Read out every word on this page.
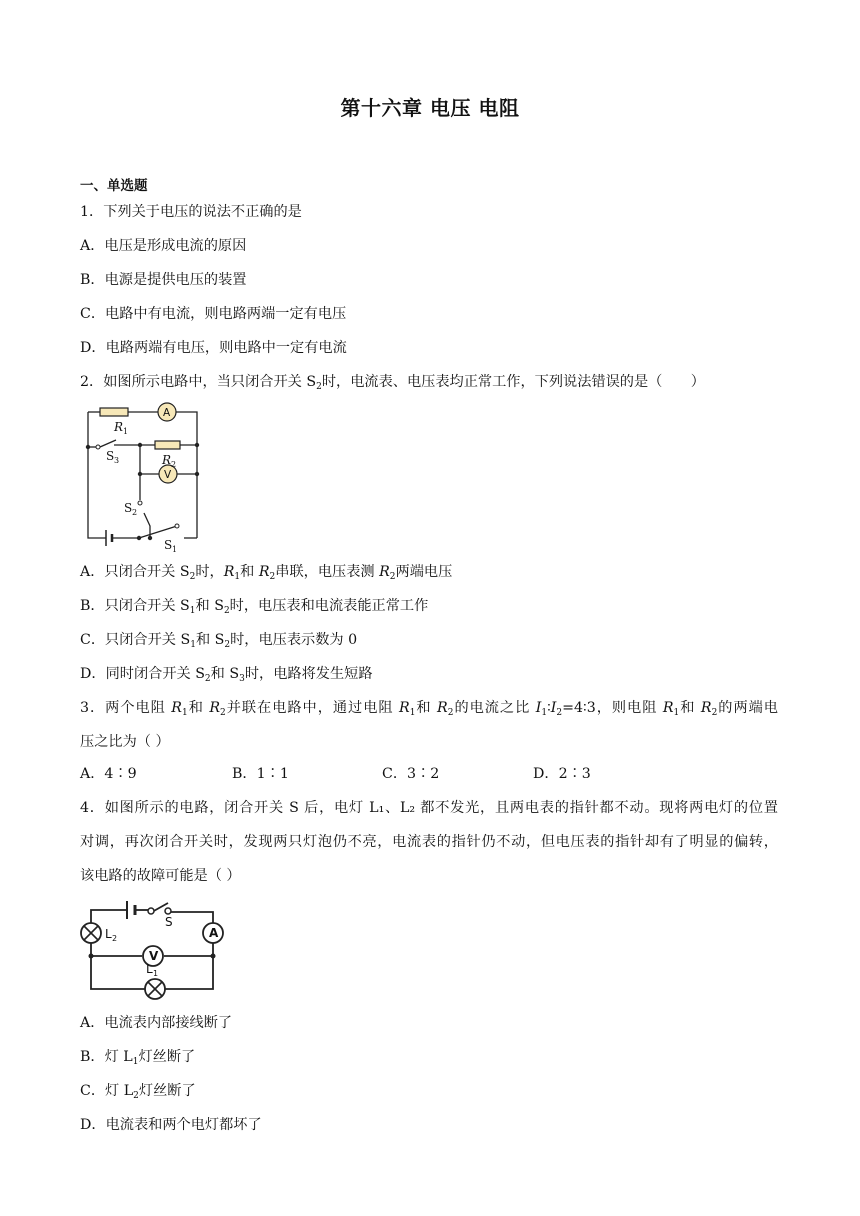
第十六章 电压 电阻
一、单选题
1．下列关于电压的说法不正确的是
A．电压是形成电流的原因
B．电源是提供电压的装置
C．电路中有电流，则电路两端一定有电压
D．电路两端有电压，则电路中一定有电流
2．如图所示电路中，当只闭合开关 $S_2$时，电流表、电压表均正常工作，下列说法错误的是（　　）
A
V
R 1
R 2
S 3
S 2
S 1
A．只闭合开关 $S_2$时，$R_1$和 $R_2$串联，电压表测 $R_2$两端电压
B．只闭合开关 $S_1$和 $S_2$时，电压表和电流表能正常工作
C．只闭合开关 $S_1$和 $S_2$时，电压表示数为 0
D．同时闭合开关 $S_2$和 $S_3$时，电路将发生短路
3．两个电阻 $R_1$和 $R_2$并联在电路中，通过电阻 $R_1$和 $R_2$的电流之比 $I_1∶I_2=4∶3$，则电阻 $R_1$和 $R_2$的两端电
压之比为（ ）
A．4∶9	B．1∶1	C．3∶2	D．2∶3
4．如图所示的电路，闭合开关 S 后，电灯 L₁、L₂ 都不发光，且两电表的指针都不动。现将两电灯的位置
对调，再次闭合开关时，发现两只灯泡仍不亮，电流表的指针仍不动，但电压表的指针却有了明显的偏转，
该电路的故障可能是（ ）
S
A
V
L 2
L 1
A．电流表内部接线断了
B．灯 $L_1$灯丝断了
C．灯 $L_2$灯丝断了
D．电流表和两个电灯都坏了
